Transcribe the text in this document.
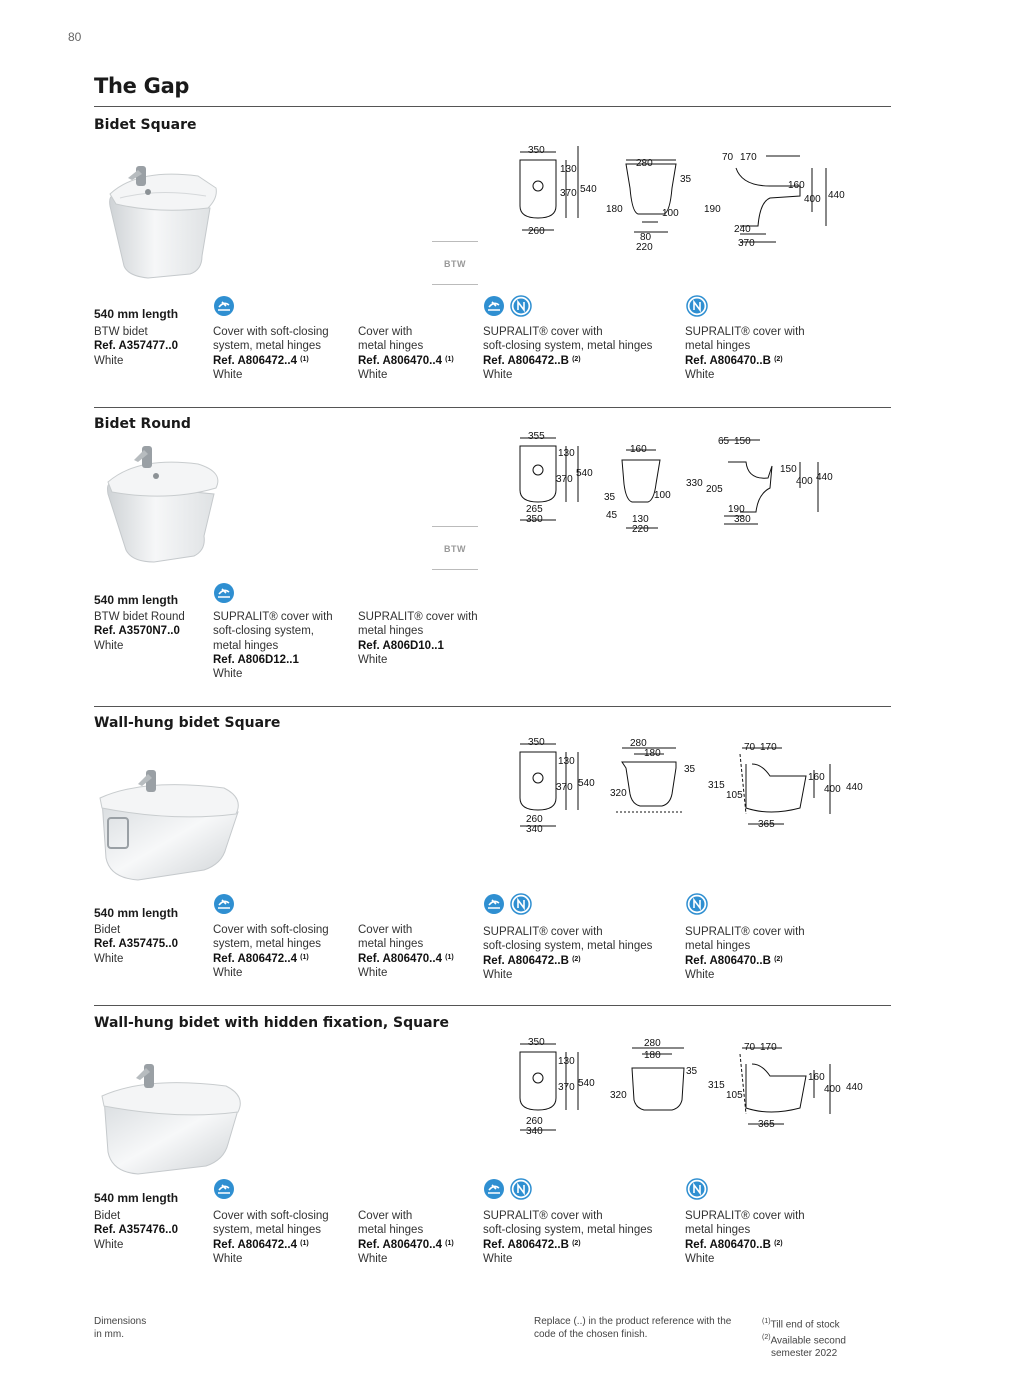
80
The Gap
Bidet Square
BTW
350
130
370 540
260
280
35
180	100
80
220
70 170
160
400 440
190
240
370
540 mm length
BTW bidet
Ref. A357477..0
White
Cover with soft-closing
system, metal hinges
Ref. A806472..4 $^{(1)}$
White
Cover with
metal hinges
Ref. A806470..4 $^{(1)}$
White
SUPRALIT® cover with
soft-closing system, metal hinges
Ref. A806472..B $^{(2)}$
White
SUPRALIT® cover with
metal hinges
Ref. A806470..B $^{(2)}$
White
Bidet Round
BTW
355
130
370
540
265
350
160
35	100
45 130
220
65 150
150
400 440
330
205
190
380
540 mm length
BTW bidet Round
Ref. A3570N7..0
White
SUPRALIT® cover with
soft-closing system,
metal hinges
Ref. A806D12..1
White
SUPRALIT® cover with
metal hinges
Ref. A806D10..1
White
Wall-hung bidet Square
350
130
370 540
260
340
280
180
35
320
70 170
315
105
160
400 440
365
540 mm length
Bidet
Ref. A357475..0
White
Cover with soft-closing
system, metal hinges
Ref. A806472..4 $^{(1)}$
White
Cover with
metal hinges
Ref. A806470..4 $^{(1)}$
White
SUPRALIT® cover with
soft-closing system, metal hinges
Ref. A806472..B $^{(2)}$
White
SUPRALIT® cover with
metal hinges
Ref. A806470..B $^{(2)}$
White
Wall-hung bidet with hidden fixation, Square
350
130
370 540
260
340
280
180
35
320
70 170
315
105
160
400 440
365
540 mm length
Bidet
Ref. A357476..0
White
Cover with soft-closing
system, metal hinges
Ref. A806472..4 $^{(1)}$
White
Cover with
metal hinges
Ref. A806470..4 $^{(1)}$
White
SUPRALIT® cover with
soft-closing system, metal hinges
Ref. A806472..B $^{(2)}$
White
SUPRALIT® cover with
metal hinges
Ref. A806470..B $^{(2)}$
White
Dimensions
in mm.
Replace (..) in the product reference with the
code of the chosen finish.
$^{(1)}$Till end of stock
$^{(2)}$Available second
semester 2022
